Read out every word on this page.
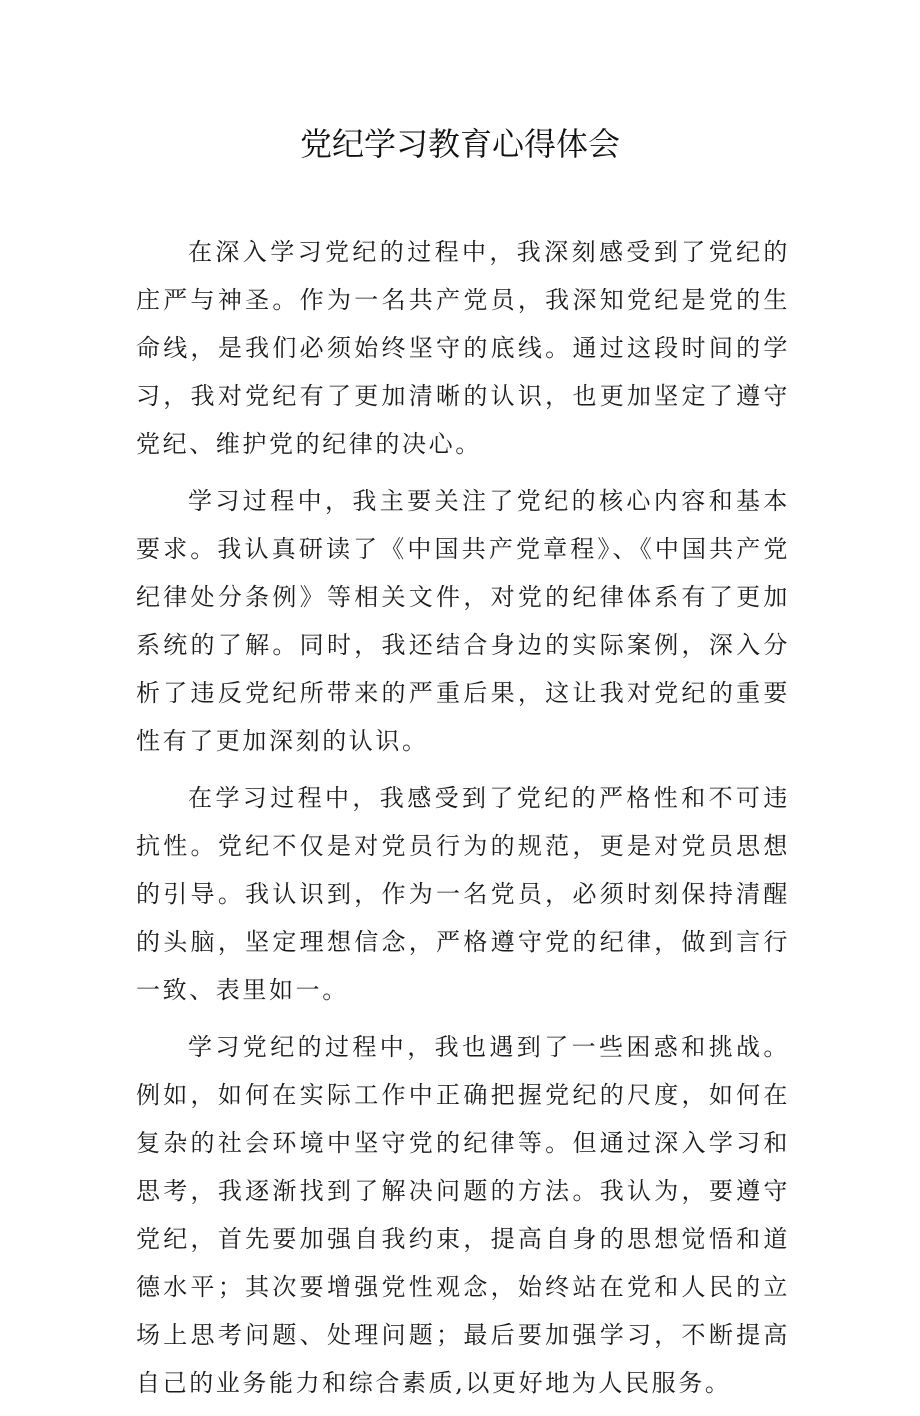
党纪学习教育心得体会

在深入学习党纪的过程中，我深刻感受到了党纪的庄严与神圣。作为一名共产党员，我深知党纪是党的生命线，是我们必须始终坚守的底线。通过这段时间的学习，我对党纪有了更加清晰的认识，也更加坚定了遵守党纪、维护党的纪律的决心。

学习过程中，我主要关注了党纪的核心内容和基本要求。我认真研读了《中国共产党章程》、《中国共产党纪律处分条例》等相关文件，对党的纪律体系有了更加系统的了解。同时，我还结合身边的实际案例，深入分析了违反党纪所带来的严重后果，这让我对党纪的重要性有了更加深刻的认识。

在学习过程中，我感受到了党纪的严格性和不可违抗性。党纪不仅是对党员行为的规范，更是对党员思想的引导。我认识到，作为一名党员，必须时刻保持清醒的头脑，坚定理想信念，严格遵守党的纪律，做到言行一致、表里如一。

学习党纪的过程中，我也遇到了一些困惑和挑战。例如，如何在实际工作中正确把握党纪的尺度，如何在复杂的社会环境中坚守党的纪律等。但通过深入学习和思考，我逐渐找到了解决问题的方法。我认为，要遵守党纪，首先要加强自我约束，提高自身的思想觉悟和道德水平；其次要增强党性观念，始终站在党和人民的立场上思考问题、处理问题；最后要加强学习，不断提高自己的业务能力和综合素质,以更好地为人民服务。
